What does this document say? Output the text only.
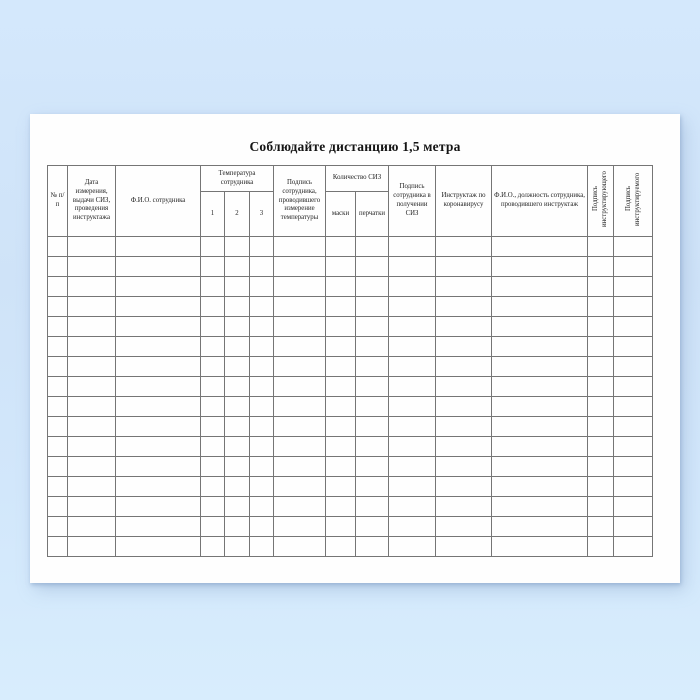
Соблюдайте дистанцию 1,5 метра
№ п/п	Дата измерения, выдачи СИЗ, проведения инструктажа	Ф.И.О. сотрудника	Температура сотрудника			Подпись сотрудника, проводившего измерение температуры	Количество СИЗ		Подпись сотрудника в получении СИЗ	Инструктаж по коронавирусу	Ф.И.О., должность сотрудника, проводившего инструктаж	Подпись инструктирующего	Подпись инструктируемого
			1	2	3		маски	перчатки					
